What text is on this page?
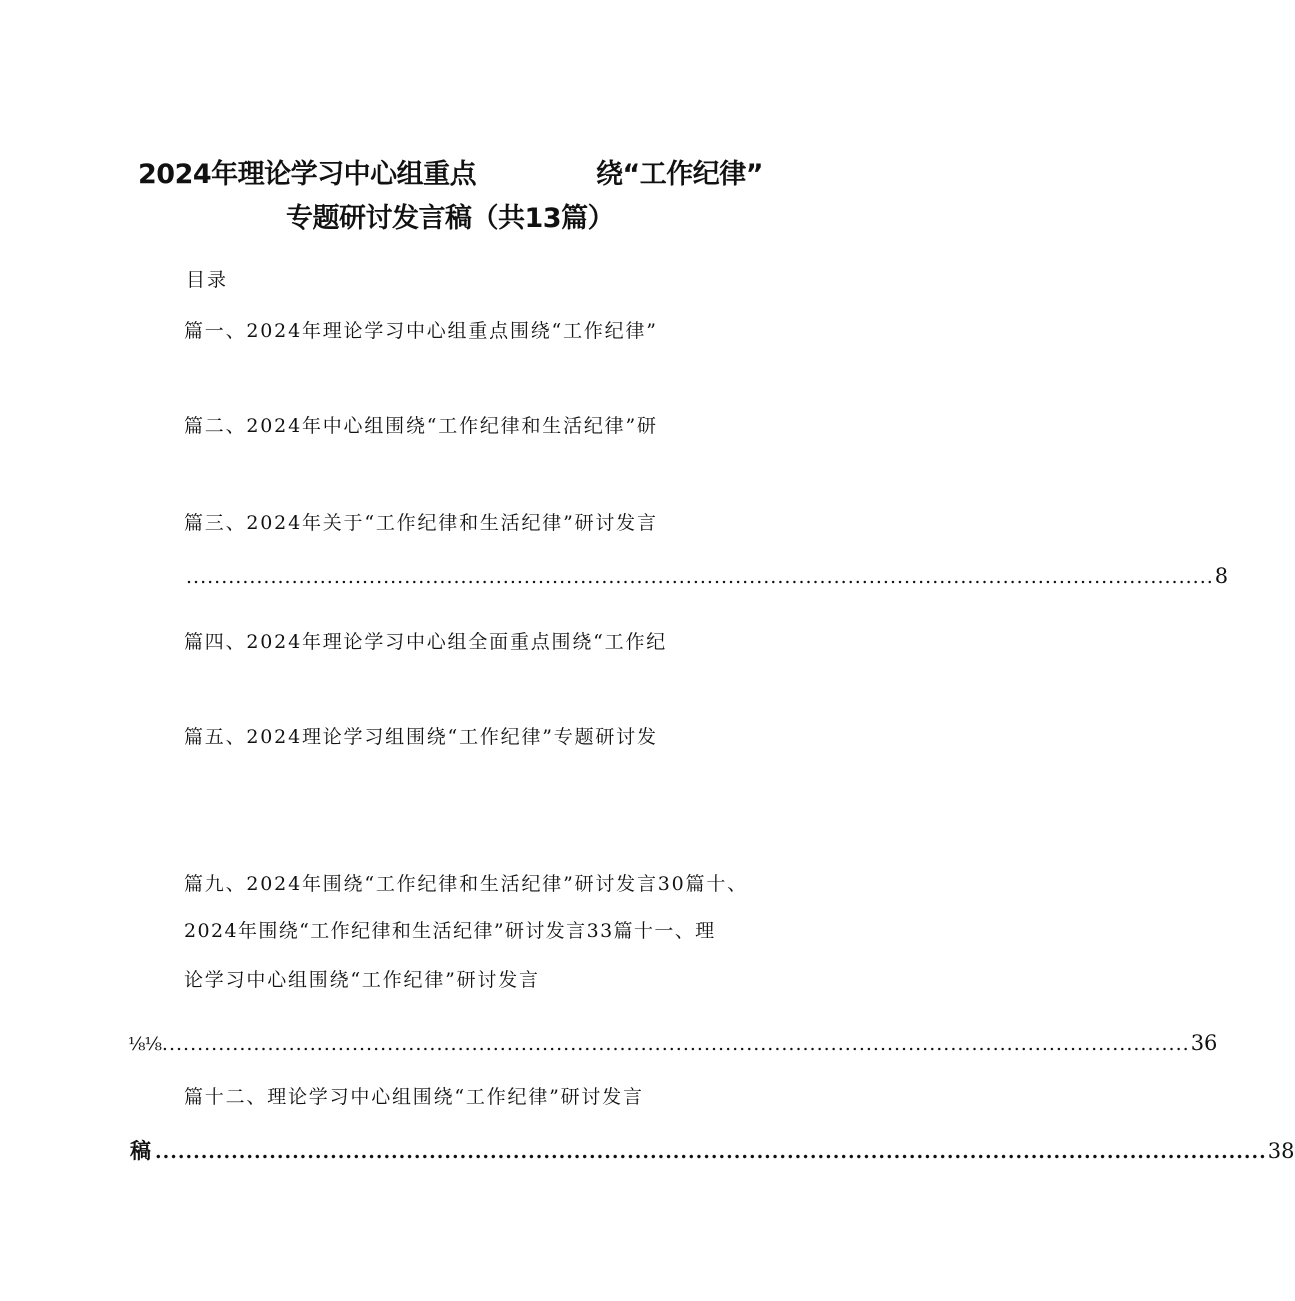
2024年理论学习中心组重点	绕“工作纪律”
专题研讨发言稿（共13篇）
目录
篇一、2024年理论学习中心组重点围绕“工作纪律”
篇二、2024年中心组围绕“工作纪律和生活纪律”研
篇三、2024年关于“工作纪律和生活纪律”研讨发言
.................................................................................................................................................. 8
篇四、2024年理论学习中心组全面重点围绕“工作纪
篇五、2024理论学习组围绕“工作纪律”专题研讨发
篇九、2024年围绕“工作纪律和生活纪律”研讨发言30篇十、
2024年围绕“工作纪律和生活纪律”研讨发言33篇十一、理
论学习中心组围绕“工作纪律”研讨发言
⅛⅛ .................................................................................................................................................. 36
篇十二、理论学习中心组围绕“工作纪律”研讨发言
稿 .................................................................................................................................................. 38
